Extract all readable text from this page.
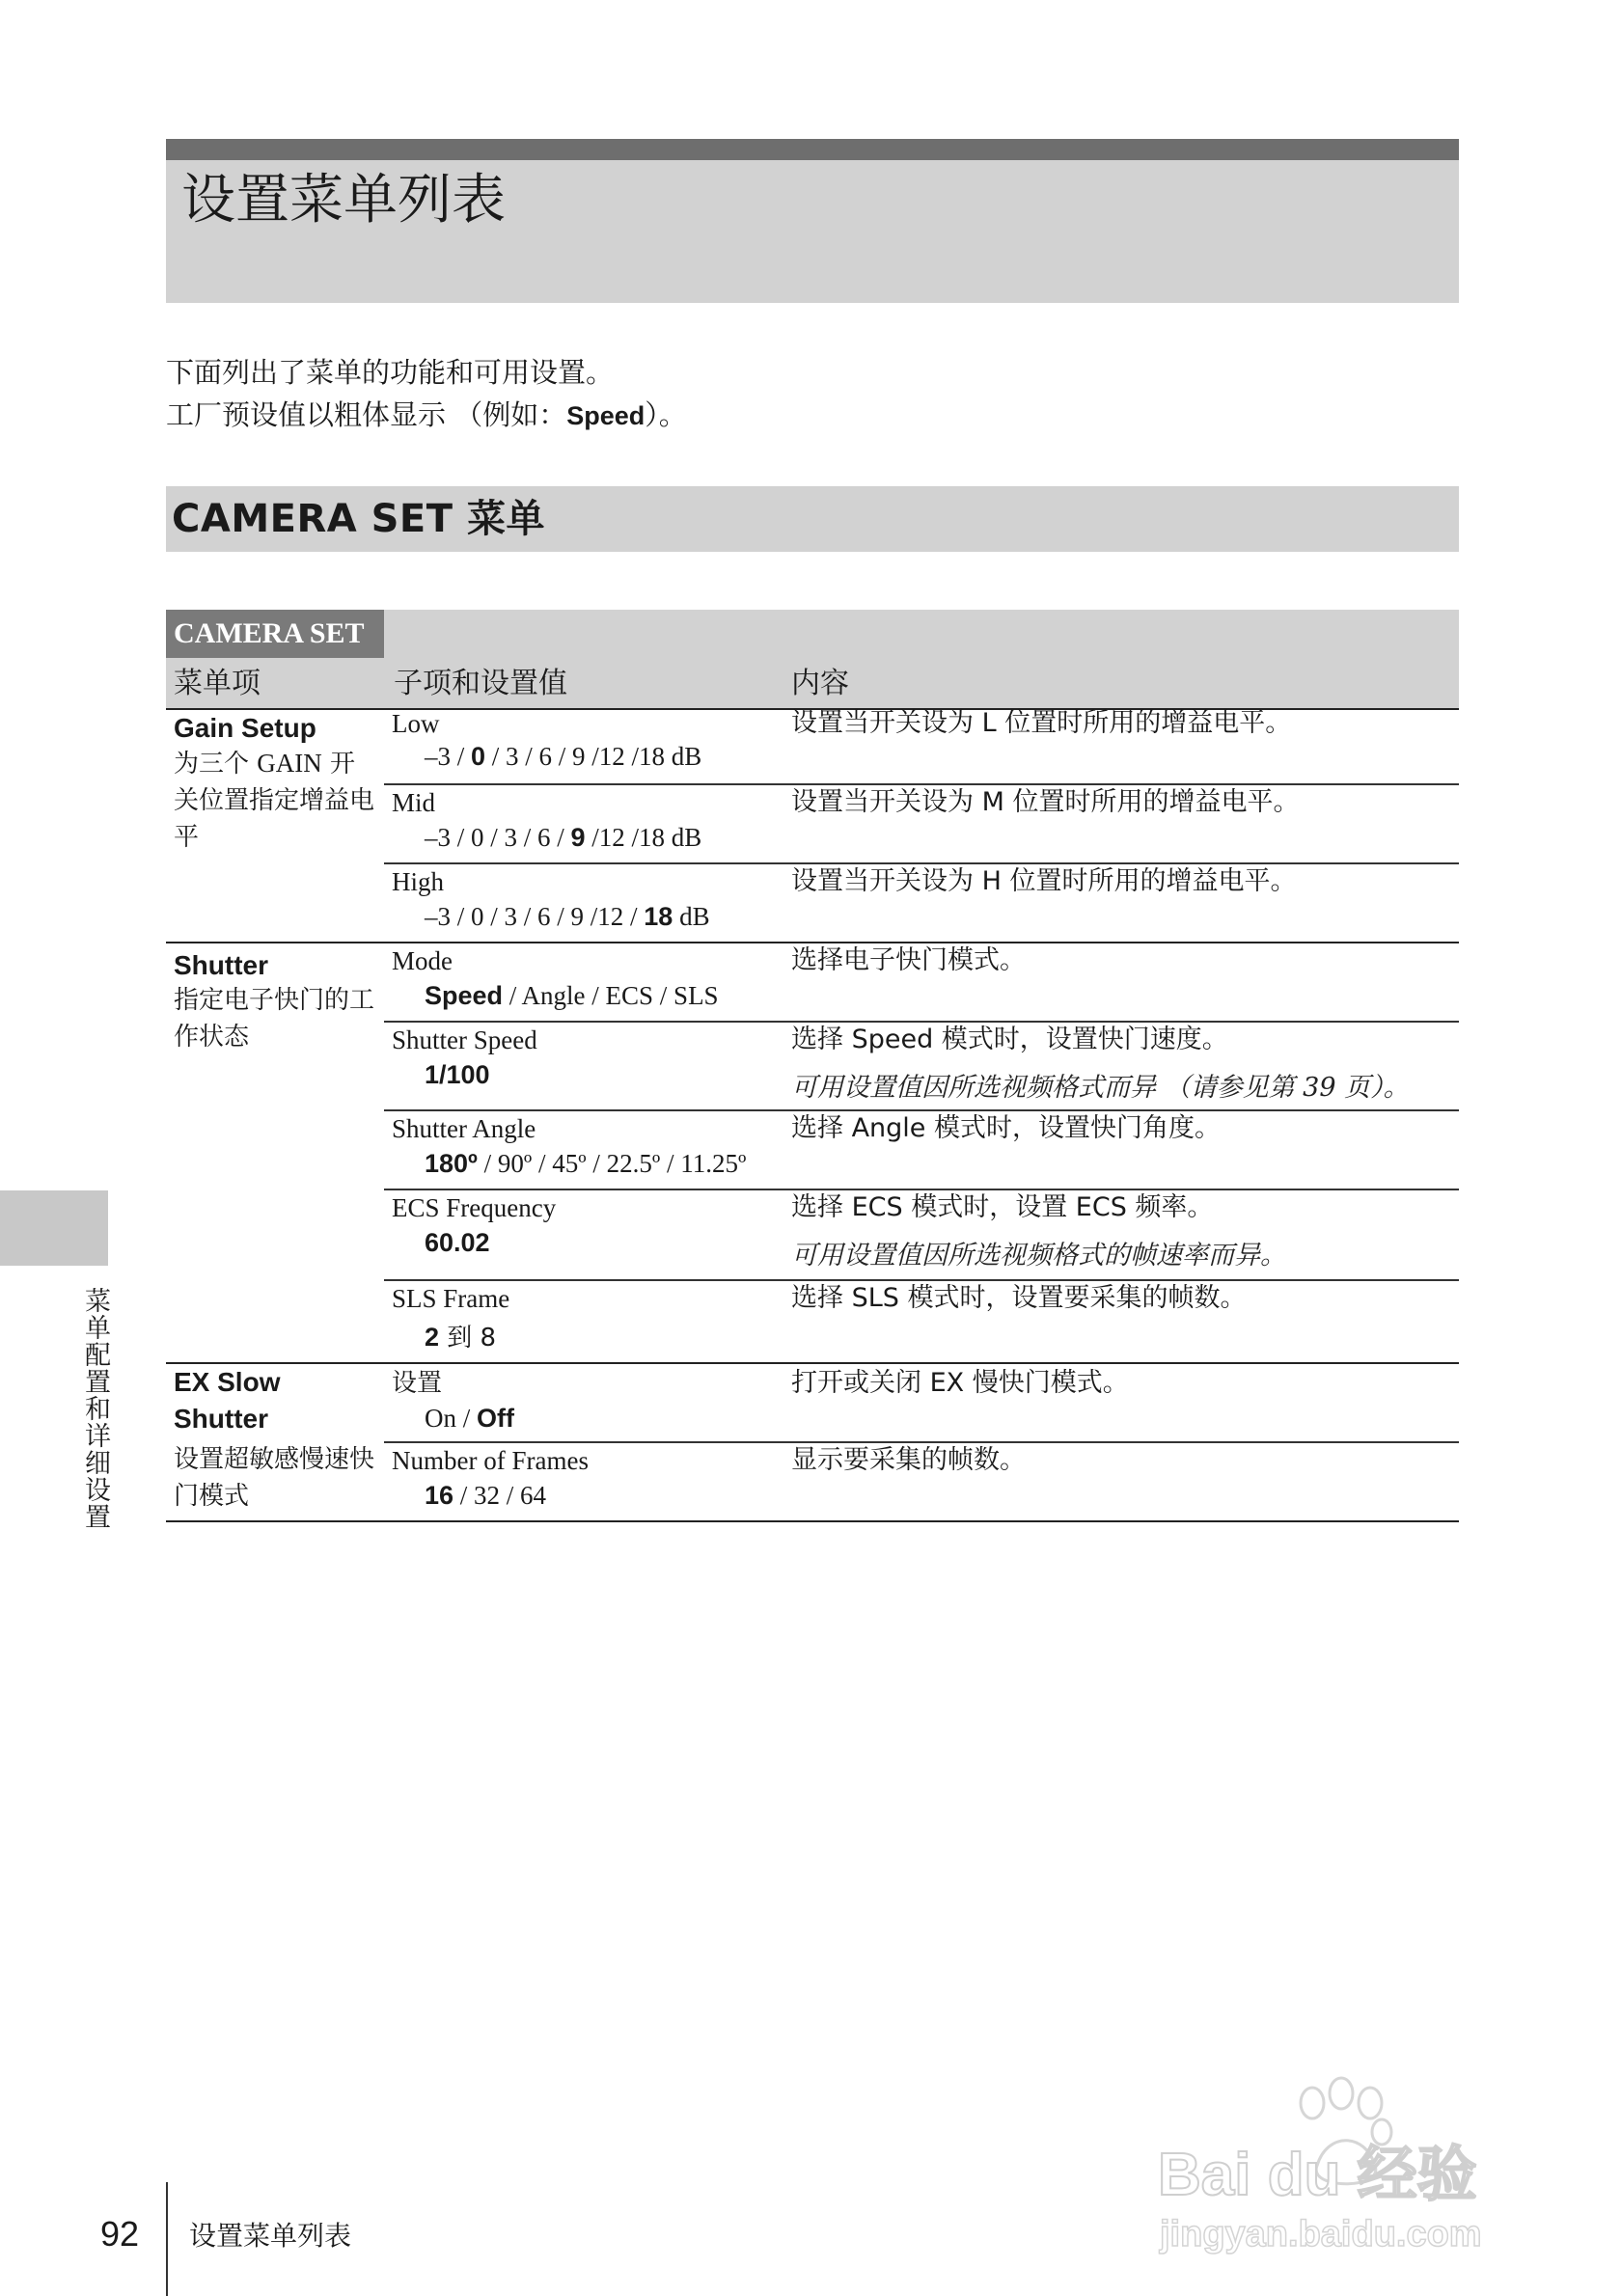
设置菜单列表
下面列出了菜单的功能和可用设置。
工厂预设值以粗体显示 （例如：Speed）。
CAMERA SET 菜单
CAMERA SET
菜单项	子项和设置值	内容
Gain Setup
为三个 GAIN 开关位置指定增益电平
Low
–3 / 0 / 3 / 6 / 9 /12 /18 dB
设置当开关设为 L 位置时所用的增益电平。
Mid
–3 / 0 / 3 / 6 / 9 /12 /18 dB
设置当开关设为 M 位置时所用的增益电平。
High
–3 / 0 / 3 / 6 / 9 /12 / 18 dB
设置当开关设为 H 位置时所用的增益电平。
Shutter
指定电子快门的工作状态
Mode
Speed / Angle / ECS / SLS
选择电子快门模式。
Shutter Speed
1/100
选择 Speed 模式时，设置快门速度。
可用设置值因所选视频格式而异 （请参见第 39 页）。
Shutter Angle
180º / 90º / 45º / 22.5º / 11.25º
选择 Angle 模式时，设置快门角度。
ECS Frequency
60.02
选择 ECS 模式时，设置 ECS 频率。
可用设置值因所选视频格式的帧速率而异。
SLS Frame
2 到 8
选择 SLS 模式时，设置要采集的帧数。
EX Slow
Shutter
设置超敏感慢速快门模式
设置
On / Off
打开或关闭 EX 慢快门模式。
Number of Frames
16 / 32 / 64
显示要采集的帧数。
菜单配置和详细设置
92 设置菜单列表
Bai du 经验
jingyan.baidu.com
